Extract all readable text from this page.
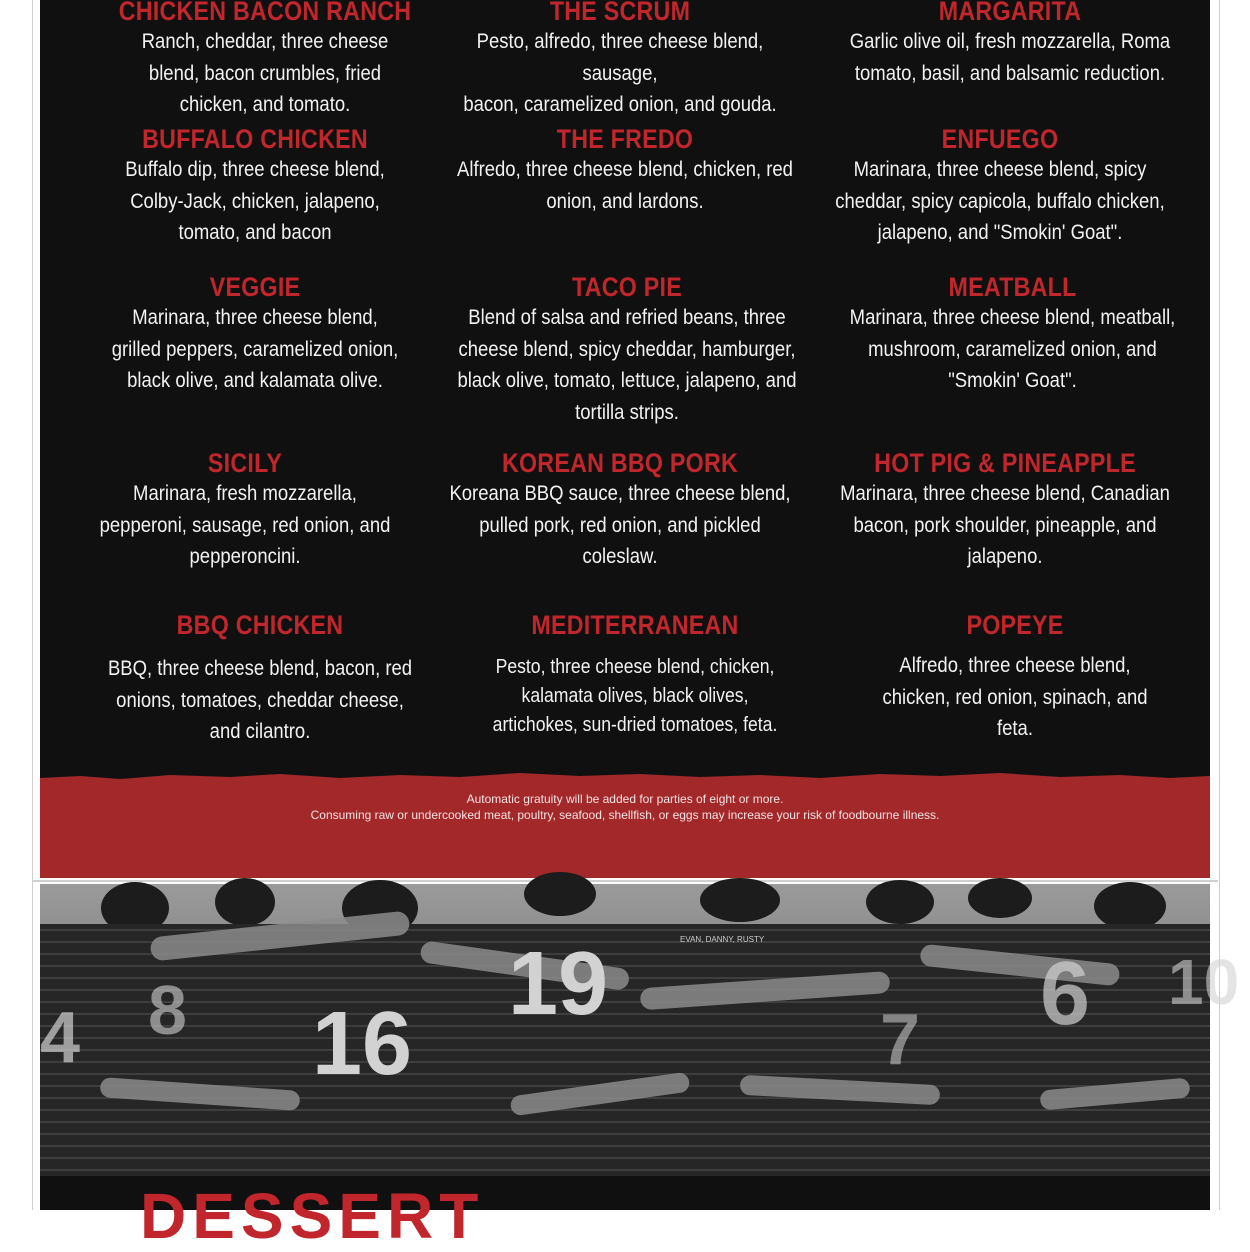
CHICKEN BACON RANCH
Ranch, cheddar, three cheese
blend, bacon crumbles, fried
chicken, and tomato.
THE SCRUM
Pesto, alfredo, three cheese blend, sausage,
bacon, caramelized onion, and gouda.
MARGARITA
Garlic olive oil, fresh mozzarella, Roma
tomato, basil, and balsamic reduction.
BUFFALO CHICKEN
Buffalo dip, three cheese blend,
Colby-Jack, chicken, jalapeno,
tomato, and bacon
THE FREDO
Alfredo, three cheese blend, chicken, red
onion, and lardons.
ENFUEGO
Marinara, three cheese blend, spicy
cheddar, spicy capicola, buffalo chicken,
jalapeno, and "Smokin' Goat".
VEGGIE
Marinara, three cheese blend,
grilled peppers, caramelized onion,
black olive, and kalamata olive.
TACO PIE
Blend of salsa and refried beans, three
cheese blend, spicy cheddar, hamburger,
black olive, tomato, lettuce, jalapeno, and
tortilla strips.
MEATBALL
Marinara, three cheese blend, meatball,
mushroom, caramelized onion, and
"Smokin' Goat".
SICILY
Marinara, fresh mozzarella,
pepperoni, sausage, red onion, and
pepperoncini.
KOREAN BBQ PORK
Koreana BBQ sauce, three cheese blend,
pulled pork, red onion, and pickled
coleslaw.
HOT PIG & PINEAPPLE
Marinara, three cheese blend, Canadian
bacon, pork shoulder, pineapple, and
jalapeno.
BBQ CHICKEN
BBQ, three cheese blend, bacon, red
onions, tomatoes, cheddar cheese,
and cilantro.
MEDITERRANEAN
Pesto, three cheese blend, chicken,
kalamata olives, black olives,
artichokes, sun-dried tomatoes, feta.
POPEYE
Alfredo, three cheese blend,
chicken, red onion, spinach, and
feta.
Automatic gratuity will be added for parties of eight or more.
Consuming raw or undercooked meat, poultry, seafood, shellfish, or eggs may increase your risk of foodbourne illness.
4 8 16
19
7 6 10
EVAN, DANNY, RUSTY
DESSERT
